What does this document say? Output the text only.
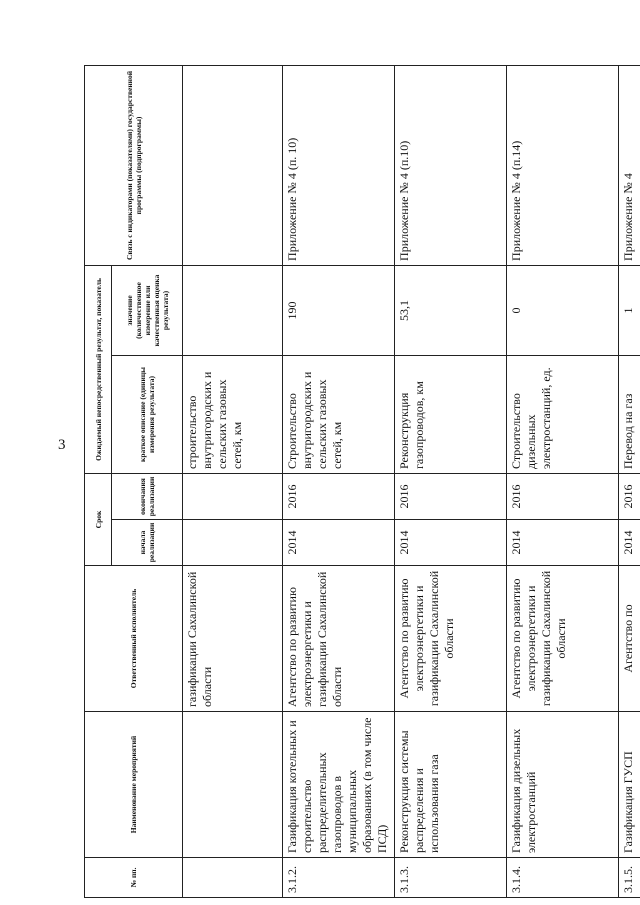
3
№ пп.	Наименование мероприятий	Ответственный исполнитель	Срок		Ожидаемый непосредственный результат, показатель		Связь с индикаторами (показателями) государственной программы (подпрограммы)
			начала реализации	окончания реализации	краткое описание (единицы измерения результата)	значение (количественное измерение или качественная оценка результата)	
		газификации Сахалинской области			строительство внутригородских и сельских газовых сетей, км		
3.1.2.	Газификация котельных и строительство распределительных газопроводов в муниципальных образованиях (в том числе ПСД)	Агентство по развитию электроэнергетики и газификации Сахалинской области	2014	2016	Строительство внутригородских и сельских газовых сетей, км	190	Приложение № 4 (п. 10)
3.1.3.	Реконструкция системы распределения и использования газа	Агентство по развитию электроэнергетики и газификации Сахалинской области	2014	2016	Реконструкция газопроводов, км	53,1	Приложение № 4 (п.10)
3.1.4.	Газификация дизельных электростанций	Агентство по развитию электроэнергетики и газификации Сахалинской области	2014	2016	Строительство дизельных электростанций, ед.	0	Приложение № 4 (п.14)
3.1.5.	Газификация ГУСП	Агентство по	2014	2016	Перевод на газ	1	Приложение № 4
